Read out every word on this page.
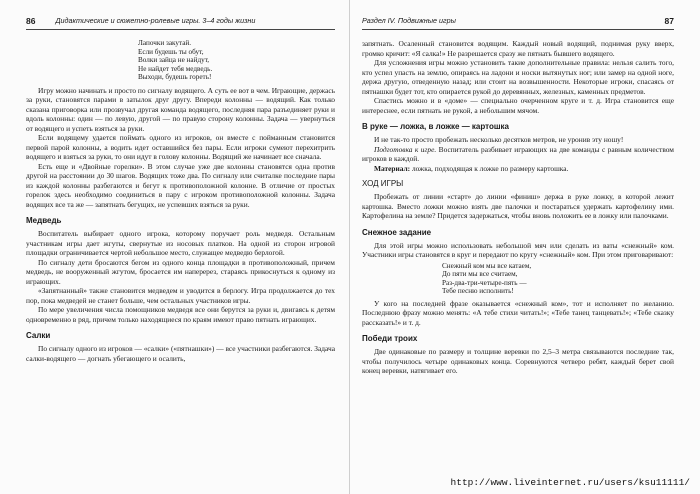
86	Дидактические и сюжетно-ролевые игры. 3–4 годы жизни
Лапочки закутай.
Если будешь ты обут,
Волки зайца не найдут,
Не найдет тебя медведь.
Выходи, будешь гореть!

Игру можно начинать и просто по сигналу водящего. А суть ее вот в чем. Играющие, держась за руки, становятся парами в затылок друг другу. Впереди колонны — водящий. Как только сказана приговорка или прозвучал другая команда водящего, последняя пара разъединяет руки и вдоль колонны: один — по левую, другой — по правую сторону колонны. Задача — увернуться от водящего и успеть взяться за руки.

Если водящему удается поймать одного из игроков, он вместе с пойманным становится первой парой колонны, а водить идет оставшийся без пары. Если игроки сумеют перехитрить водящего и взяться за руки, то они идут в голову колонны. Водящий же начинает все сначала.

Есть еще и «Двойные горелки». В этом случае уже две колонны становятся одна против другой на расстоянии до 30 шагов. Водящих тоже два. По сигналу или считалке последние пары из каждой колонны разбегаются и бегут к противоположной колонне. В отличие от простых горелок здесь необходимо соединиться в пару с игроком противоположной колонны. Задача водящих все та же — запятнать бегущих, не успевших взяться за руки.

Медведь

Воспитатель выбирает одного игрока, которому поручает роль медведя. Остальным участникам игры дает жгуты, свернутые из носовых платков. На одной из сторон игровой площадки ограничивается чертой небольшое место, служащее медведю берлогой.

По сигналу дети бросаются бегом из одного конца площадки в противоположный, причем медведь, не вооруженный жгутом, бросается им наперерез, стараясь прикоснуться к одному из играющих.

«Запятнанный» также становится медведем и уводится в берлогу. Игра продолжается до тех пор, пока медведей не станет больше, чем остальных участников игры.

По мере увеличения числа помощников медведя все они берутся за руки и, двигаясь к детям одновременно в ряд, причем только находящиеся по краям имеют право пятнать играющих.

Салки

По сигналу одного из игроков — «салки» («пятнашки») — все участники разбегаются. Задача салки-водящего — догнать убегающего и осалить,

Раздел IV. Подвижные игры	87

запятнать. Осаленный становится водящим. Каждый новый водящий, поднимая руку вверх, громко кричит: «Я салка!» Не разрешается сразу же пятнать бывшего водящего.

Для усложнения игры можно установить такие дополнительные правила: нельзя салить того, кто успел упасть на землю, опираясь на ладони и носки вытянутых ног; или замер на одной ноге, держа другую, отведенную назад; или стоит на возвышенности. Некоторые игроки, спасаясь от пятнашки будет тот, кто опирается рукой до деревянных, железных, каменных предметов.

Спастись можно и в «доме» — специально очерченном круге и т. д. Игра становится еще интереснее, если пятнать не рукой, а небольшим мячом.

В руке — ложка, в ложке — картошка

И не так-то просто пробежать несколько десятков метров, не уронив эту ношу!

Подготовка к игре. Воспитатель разбивает играющих на две команды с равным количеством игроков в каждой.

Материал: ложка, подходящая к ложке по размеру картошка.

ХОД ИГРЫ

Пробежать от линии «старт» до линии «финиш» держа в руке ложку, в которой лежит картошка. Вместо ложки можно взять две палочки и постараться удержать картофелину ими. Картофелина на земле? Придется задержаться, чтобы вновь положить ее в ложку или палочками.

Снежное задание

Для этой игры можно использовать небольшой мяч или сделать из ваты «снежный» ком. Участники игры становятся в круг и передают по кругу «снежный» ком. При этом приговаривают:

Снежный ком мы все катаем,
До пяти мы все считаем,
Раз-два-три-четыре-пять —
Тебе песню исполнить!

У кого на последней фразе оказывается «снежный ком», тот и исполняет по желанию. Последнюю фразу можно менять: «А тебе стихи читать!»; «Тебе танец танцевать!»; «Тебе сказку рассказать!» и т. д.

Победи троих

Две одинаковые по размеру и толщине веревки по 2,5–3 метра связываются последние так, чтобы получилось четыре одинаковых конца. Соревнуются четверо ребят, каждый берет свой конец веревки, натягивает его.

http://www.liveinternet.ru/users/ksu11111/
